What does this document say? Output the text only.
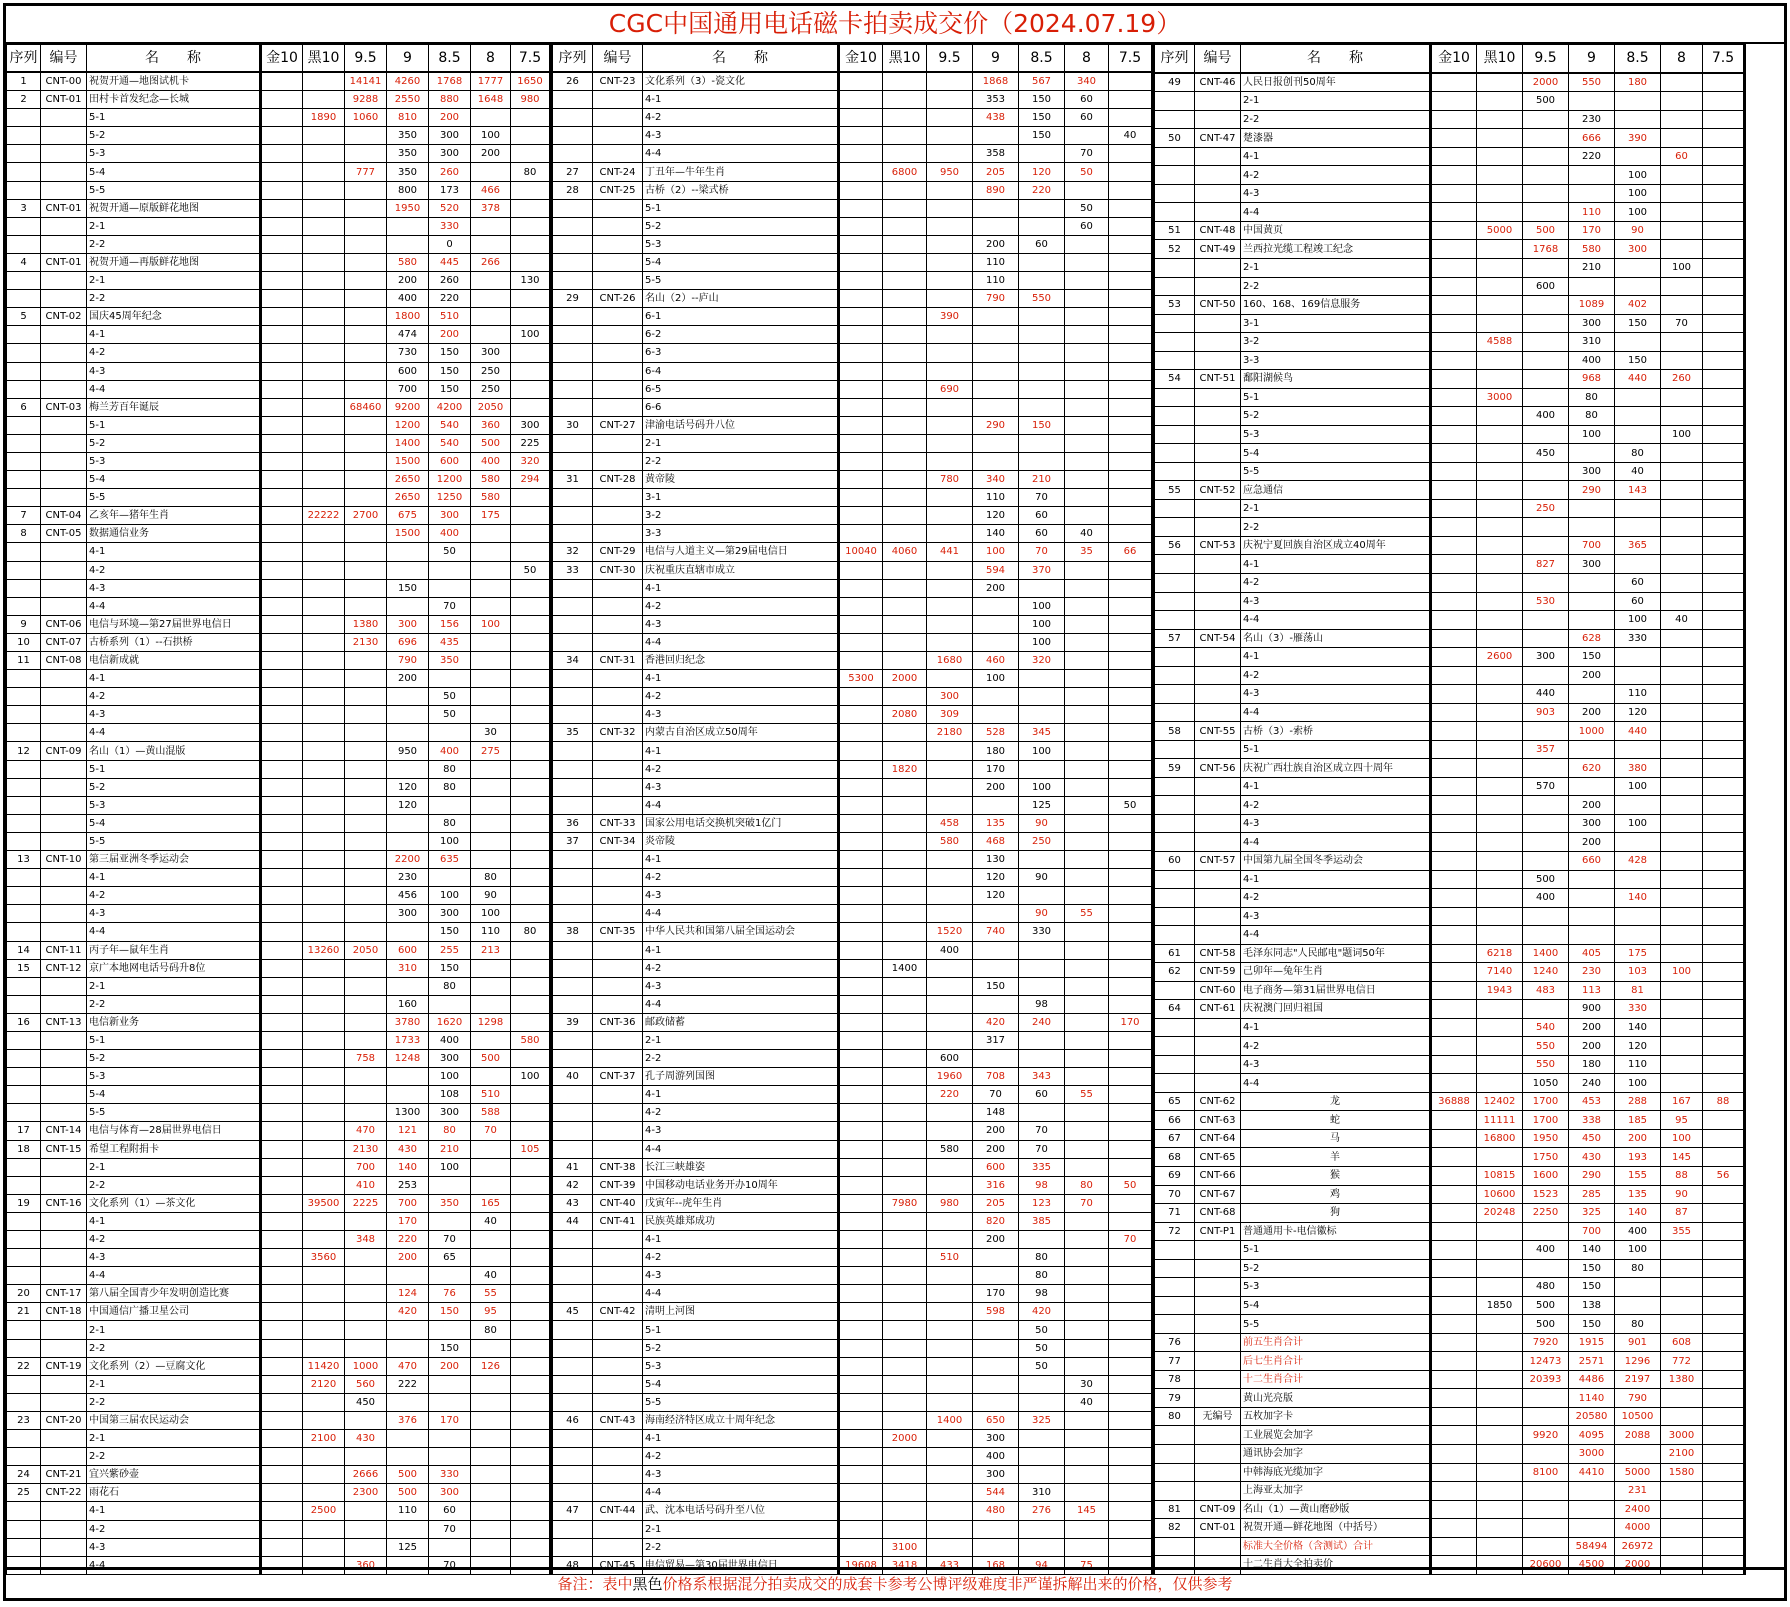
CGC中国通用电话磁卡拍卖成交价（2024.07.19）
序列	编号	名　　称	金10	黑10	9.5	9	8.5	8	7.5
1	CNT-00	祝贺开通—地图试机卡			14141	4260	1768	1777	1650
2	CNT-01	田村卡首发纪念—长城			9288	2550	880	1648	980
		5-1		1890	1060	810	200		
		5-2				350	300	100	
		5-3				350	300	200	
		5-4			777	350	260		80
		5-5				800	173	466	
3	CNT-01	祝贺开通—原版鲜花地图				1950	520	378	
		2-1					330		
		2-2					0		
4	CNT-01	祝贺开通—再版鲜花地图				580	445	266	
		2-1				200	260		130
		2-2				400	220		
5	CNT-02	国庆45周年纪念				1800	510		
		4-1				474	200		100
		4-2				730	150	300	
		4-3				600	150	250	
		4-4				700	150	250	
6	CNT-03	梅兰芳百年诞辰			68460	9200	4200	2050	
		5-1				1200	540	360	300
		5-2				1400	540	500	225
		5-3				1500	600	400	320
		5-4				2650	1200	580	294
		5-5				2650	1250	580	
7	CNT-04	乙亥年—猪年生肖		22222	2700	675	300	175	
8	CNT-05	数据通信业务				1500	400		
		4-1					50		
		4-2							50
		4-3				150			
		4-4					70		
9	CNT-06	电信与环境—第27届世界电信日			1380	300	156	100	
10	CNT-07	古桥系列（1）--石拱桥			2130	696	435		
11	CNT-08	电信新成就				790	350		
		4-1				200			
		4-2					50		
		4-3					50		
		4-4						30	
12	CNT-09	名山（1）—黄山混版				950	400	275	
		5-1					80		
		5-2				120	80		
		5-3				120			
		5-4					80		
		5-5					100		
13	CNT-10	第三届亚洲冬季运动会				2200	635		
		4-1				230		80	
		4-2				456	100	90	
		4-3				300	300	100	
		4-4					150	110	80
14	CNT-11	丙子年—鼠年生肖		13260	2050	600	255	213	
15	CNT-12	京广本地网电话号码升8位				310	150		
		2-1					80		
		2-2				160			
16	CNT-13	电信新业务				3780	1620	1298	
		5-1				1733	400		580
		5-2			758	1248	300	500	
		5-3					100		100
		5-4					108	510	
		5-5				1300	300	588	
17	CNT-14	电信与体育—28届世界电信日			470	121	80	70	
18	CNT-15	希望工程附捐卡			2130	430	210		105
		2-1			700	140	100		
		2-2			410	253			
19	CNT-16	文化系列（1）—茶文化		39500	2225	700	350	165	
		4-1				170		40	
		4-2			348	220	70		
		4-3		3560		200	65		
		4-4						40	
20	CNT-17	第八届全国青少年发明创造比赛				124	76	55	
21	CNT-18	中国通信广播卫星公司				420	150	95	
		2-1						80	
		2-2					150		
22	CNT-19	文化系列（2）—豆腐文化		11420	1000	470	200	126	
		2-1		2120	560	222			
		2-2			450				
23	CNT-20	中国第三届农民运动会				376	170		
		2-1		2100	430				
		2-2							
24	CNT-21	宜兴紫砂壶			2666	500	330		
25	CNT-22	雨花石			2300	500	300		
		4-1		2500		110	60		
		4-2					70		
		4-3				125			
		4-4			360		70		
序列	编号	名　　称	金10	黑10	9.5	9	8.5	8	7.5
26	CNT-23	文化系列（3）-瓷文化				1868	567	340	
		4-1				353	150	60	
		4-2				438	150	60	
		4-3					150		40
		4-4				358		70	
27	CNT-24	丁丑年—牛年生肖		6800	950	205	120	50	
28	CNT-25	古桥（2）--梁式桥				890	220		
		5-1						50	
		5-2						60	
		5-3				200	60		
		5-4				110			
		5-5				110			
29	CNT-26	名山（2）--庐山				790	550		
		6-1			390				
		6-2							
		6-3							
		6-4							
		6-5			690				
		6-6							
30	CNT-27	津渝电话号码升八位				290	150		
		2-1							
		2-2							
31	CNT-28	黄帝陵			780	340	210		
		3-1				110	70		
		3-2				120	60		
		3-3				140	60	40	
32	CNT-29	电信与人道主义—第29届电信日	10040	4060	441	100	70	35	66
33	CNT-30	庆祝重庆直辖市成立				594	370		
		4-1				200			
		4-2					100		
		4-3					100		
		4-4					100		
34	CNT-31	香港回归纪念			1680	460	320		
		4-1	5300	2000		100			
		4-2			300				
		4-3		2080	309				
35	CNT-32	内蒙古自治区成立50周年			2180	528	345		
		4-1				180	100		
		4-2		1820		170			
		4-3				200	100		
		4-4					125		50
36	CNT-33	国家公用电话交换机突破1亿门			458	135	90		
37	CNT-34	炎帝陵			580	468	250		
		4-1				130			
		4-2				120	90		
		4-3				120			
		4-4					90	55	
38	CNT-35	中华人民共和国第八届全国运动会			1520	740	330		
		4-1			400				
		4-2		1400					
		4-3				150			
		4-4					98		
39	CNT-36	邮政储蓄				420	240		170
		2-1				317			
		2-2			600				
40	CNT-37	孔子周游列国图			1960	708	343		
		4-1			220	70	60	55	
		4-2				148			
		4-3				200	70		
		4-4			580	200	70		
41	CNT-38	长江三峡雄姿				600	335		
42	CNT-39	中国移动电话业务开办10周年				316	98	80	50
43	CNT-40	戊寅年--虎年生肖		7980	980	205	123	70	
44	CNT-41	民族英雄郑成功				820	385		
		4-1				200			70
		4-2			510		80		
		4-3					80		
		4-4				170	98		
45	CNT-42	清明上河图				598	420		
		5-1					50		
		5-2					50		
		5-3					50		
		5-4						30	
		5-5						40	
46	CNT-43	海南经济特区成立十周年纪念			1400	650	325		
		4-1		2000		300			
		4-2				400			
		4-3				300			
		4-4				544	310		
47	CNT-44	武、沈本电话号码升至八位				480	276	145	
		2-1							
		2-2		3100					
48	CNT-45	电信贸易—第30届世界电信日	19608	3418	433	168	94	75	
序列	编号	名　　称	金10	黑10	9.5	9	8.5	8	7.5
49	CNT-46	人民日报创刊50周年			2000	550	180		
		2-1			500				
		2-2				230			
50	CNT-47	楚漆器				666	390		
		4-1				220		60	
		4-2					100		
		4-3					100		
		4-4				110	100		
51	CNT-48	中国黄页		5000	500	170	90		
52	CNT-49	兰西拉光缆工程竣工纪念			1768	580	300		
		2-1				210		100	
		2-2			600				
53	CNT-50	160、168、169信息服务				1089	402		
		3-1				300	150	70	
		3-2		4588		310			
		3-3				400	150		
54	CNT-51	鄱阳湖候鸟				968	440	260	
		5-1		3000		80			
		5-2			400	80			
		5-3				100		100	
		5-4			450		80		
		5-5				300	40		
55	CNT-52	应急通信				290	143		
		2-1			250				
		2-2							
56	CNT-53	庆祝宁夏回族自治区成立40周年				700	365		
		4-1			827	300			
		4-2					60		
		4-3			530		60		
		4-4					100	40	
57	CNT-54	名山（3）-雁荡山				628	330		
		4-1		2600	300	150			
		4-2				200			
		4-3			440		110		
		4-4			903	200	120		
58	CNT-55	古桥（3）-索桥				1000	440		
		5-1			357				
59	CNT-56	庆祝广西壮族自治区成立四十周年				620	380		
		4-1			570		100		
		4-2				200			
		4-3				300	100		
		4-4				200			
60	CNT-57	中国第九届全国冬季运动会				660	428		
		4-1			500				
		4-2			400		140		
		4-3							
		4-4							
61	CNT-58	毛泽东同志"人民邮电"题词50年		6218	1400	405	175		
62	CNT-59	己卯年—兔年生肖		7140	1240	230	103	100	
	CNT-60	电子商务—第31届世界电信日		1943	483	113	81		
64	CNT-61	庆祝澳门回归祖国				900	330		
		4-1			540	200	140		
		4-2			550	200	120		
		4-3			550	180	110		
		4-4			1050	240	100		
65	CNT-62	龙	36888	12402	1700	453	288	167	88
66	CNT-63	蛇		11111	1700	338	185	95	
67	CNT-64	马		16800	1950	450	200	100	
68	CNT-65	羊			1750	430	193	145	
69	CNT-66	猴		10815	1600	290	155	88	56
70	CNT-67	鸡		10600	1523	285	135	90	
71	CNT-68	狗		20248	2250	325	140	87	
72	CNT-P1	普通通用卡-电信徽标				700	400	355	
		5-1			400	140	100		
		5-2				150	80		
		5-3			480	150			
		5-4		1850	500	138			
		5-5			500	150	80		
76		前五生肖合计			7920	1915	901	608	
77		后七生肖合计			12473	2571	1296	772	
78		十二生肖合计			20393	4486	2197	1380	
79		黄山光亮版				1140	790		
80	无编号	五枚加字卡				20580	10500		
		工业展览会加字			9920	4095	2088	3000	
		通讯协会加字				3000		2100	
		中韩海底光缆加字			8100	4410	5000	1580	
		上海亚太加字					231		
81	CNT-09	名山（1）—黄山磨砂版					2400		
82	CNT-01	祝贺开通—鲜花地图（中括号）					4000		
		标准大全价格（含测试）合计				58494	26972		
		十二生肖大全拍卖价			20600	4500	2000		
备注：表中黑色价格系根据混分拍卖成交的成套卡参考公博评级难度非严谨拆解出来的价格，仅供参考
